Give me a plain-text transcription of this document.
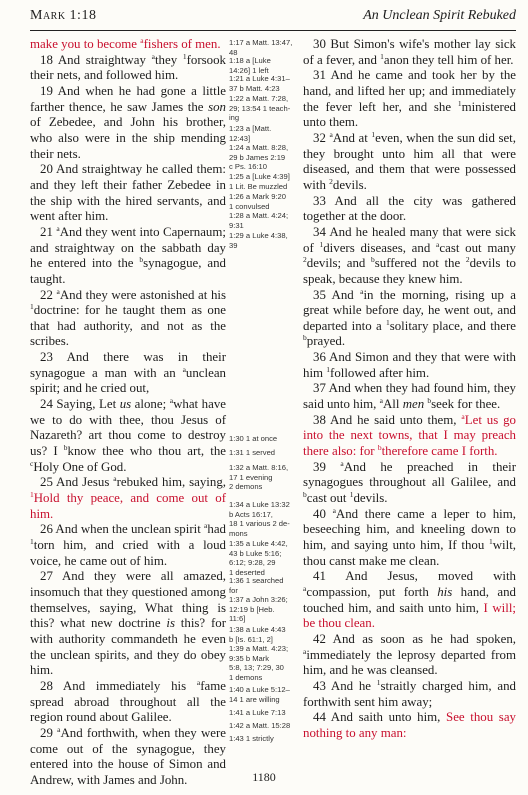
Mark 1:18	An Unclean Spirit Rebuked

make you to become $^a$fishers of men.

18 And straightway $^a$they $^1$forsook their nets, and followed him.

19 And when he had gone a little farther thence, he saw James the son of Zebedee, and John his brother, who also were in the ship mending their nets.

20 And straightway he called them: and they left their father Zebedee in the ship with the hired servants, and went after him.

21 $^a$And they went into Capernaum; and straightway on the sabbath day he entered into the $^b$synagogue, and taught.

22 $^a$And they were astonished at his $^1$doctrine: for he taught them as one that had authority, and not as the scribes.

23 And there was in their synagogue a man with an $^a$unclean spirit; and he cried out,

24 Saying, Let us alone; $^a$what have we to do with thee, thou Jesus of Nazareth? art thou come to destroy us? I $^b$know thee who thou art, the $^c$Holy One of God.

25 And Jesus $^a$rebuked him, saying, $^1$Hold thy peace, and come out of him.

26 And when the unclean spirit $^a$had $^1$torn him, and cried with a loud voice, he came out of him.

27 And they were all amazed, insomuch that they questioned among themselves, saying, What thing is this? what new doctrine is this? for with authority commandeth he even the unclean spirits, and they do obey him.

28 And immediately his $^a$fame spread abroad throughout all the region round about Galilee.

29 $^a$And forthwith, when they were come out of the synagogue, they entered into the house of Simon and Andrew, with James and John.

1:17 a Matt. 13:47,
48
1:18 a [Luke
14:26] 1 left
1:21 a Luke 4:31–
37 b Matt. 4:23
1:22 a Matt. 7:28,
29; 13:54 1 teach-
ing
1:23 a [Matt.
12:43]
1:24 a Matt. 8:28,
29 b James 2:19
c Ps. 16:10
1:25 a [Luke 4:39]
1 Lit. Be muzzled
1:26 a Mark 9:20
1 convulsed
1:28 a Matt. 4:24;
9:31
1:29 a Luke 4:38,
39
1:30 1 at once
1:31 1 served
1:32 a Matt. 8:16,
17 1 evening
2 demons
1:34 a Luke 13:32
b Acts 16:17,
18 1 various 2 de-
mons
1:35 a Luke 4:42,
43 b Luke 5:16;
6:12; 9:28, 29
1 deserted
1:36 1 searched
for
1:37 a John 3:26;
12:19 b [Heb.
11:6]
1:38 a Luke 4:43
b [Is. 61:1, 2]
1:39 a Matt. 4:23;
9:35 b Mark
5:8, 13; 7:29, 30
1 demons
1:40 a Luke 5:12–
14 1 are willing
1:41 a Luke 7:13
1:42 a Matt. 15:28
1:43 1 strictly

30 But Simon's wife's mother lay sick of a fever, and $^1$anon they tell him of her.

31 And he came and took her by the hand, and lifted her up; and immediately the fever left her, and she $^1$ministered unto them.

32 $^a$And at $^1$even, when the sun did set, they brought unto him all that were diseased, and them that were possessed with $^2$devils.

33 And all the city was gathered together at the door.

34 And he healed many that were sick of $^1$divers diseases, and $^a$cast out many $^2$devils; and $^b$suffered not the $^2$devils to speak, because they knew him.

35 And $^a$in the morning, rising up a great while before day, he went out, and departed into a $^1$solitary place, and there $^b$prayed.

36 And Simon and they that were with him $^1$followed after him.

37 And when they had found him, they said unto him, $^a$All men $^b$seek for thee.

38 And he said unto them, $^a$Let us go into the next towns, that I may preach there also: for $^b$therefore came I forth.

39 $^a$And he preached in their synagogues throughout all Galilee, and $^b$cast out $^1$devils.

40 $^a$And there came a leper to him, beseeching him, and kneeling down to him, and saying unto him, If thou $^1$wilt, thou canst make me clean.

41 And Jesus, moved with $^a$compassion, put forth his hand, and touched him, and saith unto him, I will; be thou clean.

42 And as soon as he had spoken, $^a$immediately the leprosy departed from him, and he was cleansed.

43 And he $^1$straitly charged him, and forthwith sent him away;

44 And saith unto him, See thou say nothing to any man:

1180
